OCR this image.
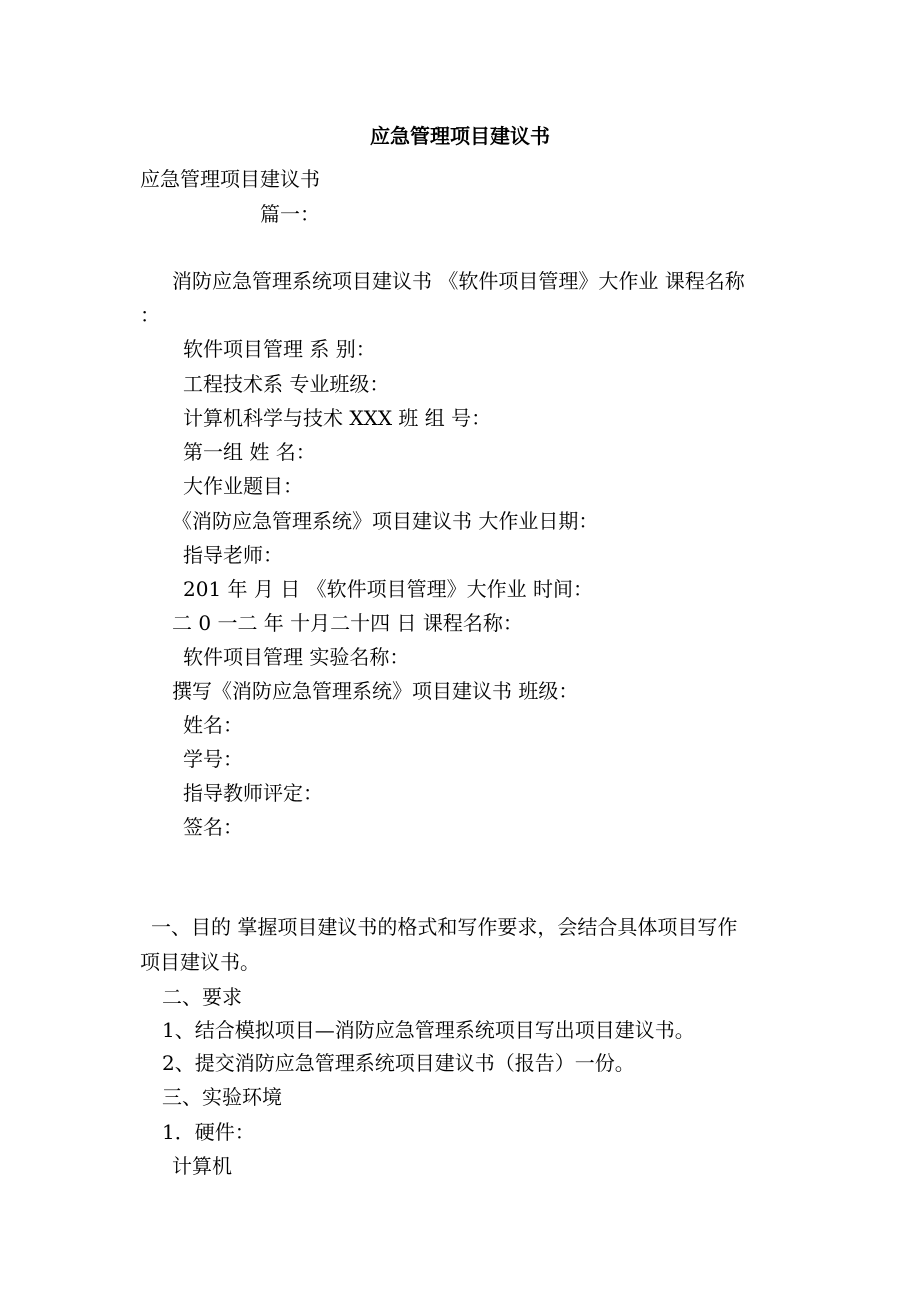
应急管理项目建议书
应急管理项目建议书
篇一：
消防应急管理系统项目建议书 《软件项目管理》大作业 课程名称
：
软件项目管理 系 别：
工程技术系 专业班级：
计算机科学与技术 XXX 班 组 号：
第一组 姓 名：
大作业题目：
《消防应急管理系统》项目建议书 大作业日期：
指导老师：
201 年 月 日 《软件项目管理》大作业 时间：
二 0 一二 年 十月二十四 日 课程名称：
软件项目管理 实验名称：
撰写《消防应急管理系统》项目建议书 班级：
姓名：
学号：
指导教师评定：
签名：
一、目的 掌握项目建议书的格式和写作要求，会结合具体项目写作
项目建议书。
二、要求
1、结合模拟项目—消防应急管理系统项目写出项目建议书。
2、提交消防应急管理系统项目建议书（报告）一份。
三、实验环境
1．硬件：
计算机
